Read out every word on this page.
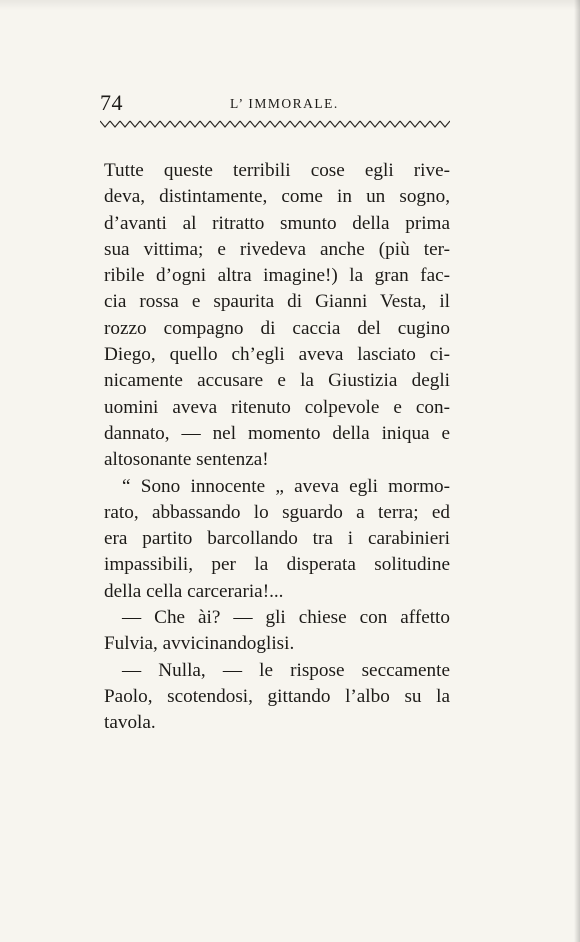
74	L’ IMMORALE.
Tutte queste terribili cose egli rive-
deva, distintamente, come in un sogno,
d’avanti al ritratto smunto della prima
sua vittima; e rivedeva anche (più ter-
ribile d’ogni altra imagine!) la gran fac-
cia rossa e spaurita di Gianni Vesta, il
rozzo compagno di caccia del cugino
Diego, quello ch’egli aveva lasciato ci-
nicamente accusare e la Giustizia degli
uomini aveva ritenuto colpevole e con-
dannato, — nel momento della iniqua e
altosonante sentenza!
“ Sono innocente „ aveva egli mormo-
rato, abbassando lo sguardo a terra; ed
era partito barcollando tra i carabinieri
impassibili, per la disperata solitudine
della cella carceraria!...
— Che ài? — gli chiese con affetto
Fulvia, avvicinandoglisi.
— Nulla, — le rispose seccamente
Paolo, scotendosi, gittando l’albo su la
tavola.
